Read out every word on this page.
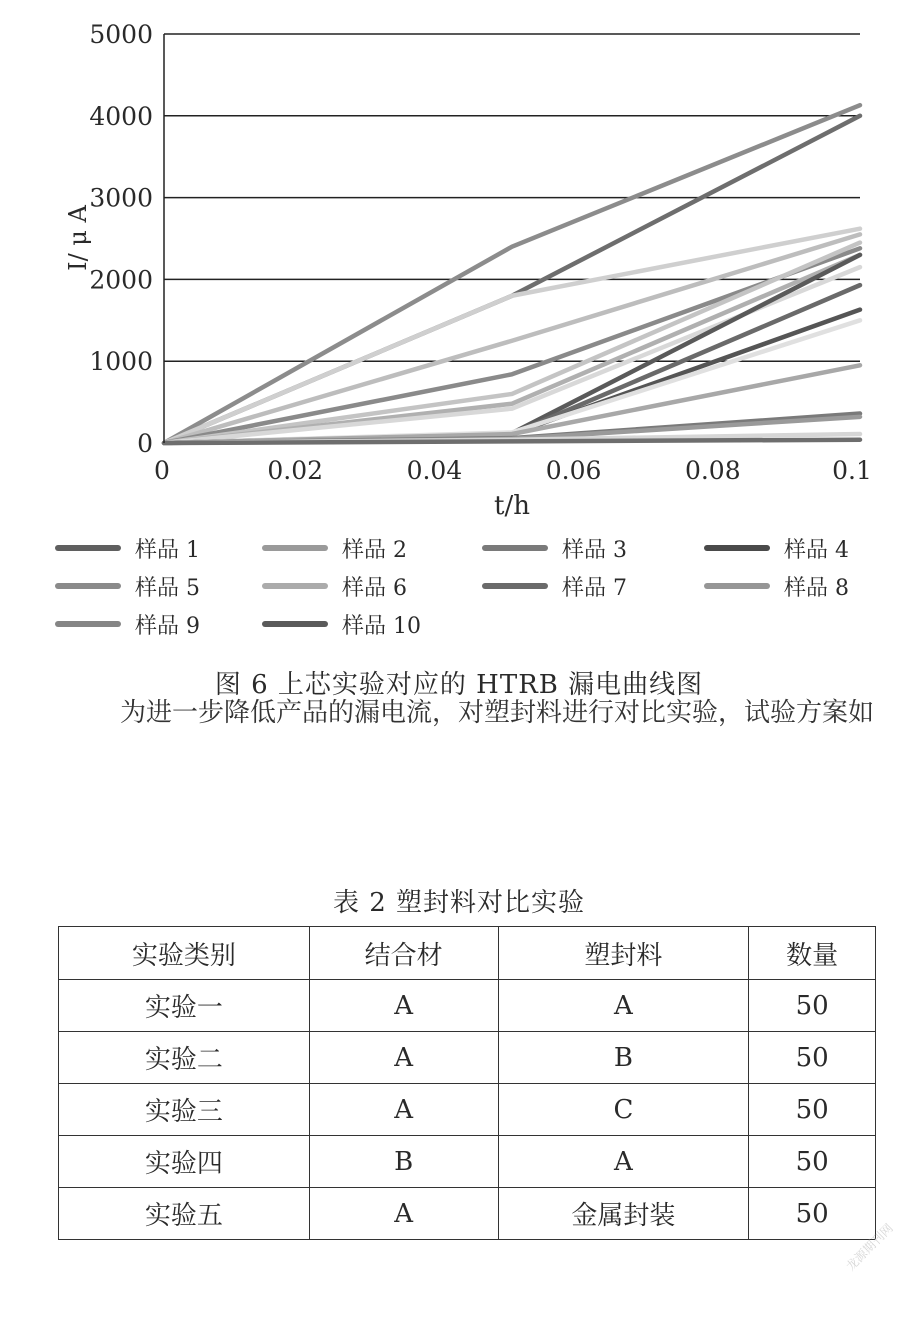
0
1000
2000
3000
4000
5000
0	0.02	0.04	0.06	0.08	0.1
I/ μ A
t/h
样品 1	样品 2	样品 3	样品 4
样品 5	样品 6	样品 7	样品 8
样品 9	样品 10
图 6 上芯实验对应的 HTRB 漏电曲线图
为进一步降低产品的漏电流，对塑封料进行对比实验，试验方案如
表 2 塑封料对比实验
实验类别	结合材	塑封料	数量
实验一	A	A	50
实验二	A	B	50
实验三	A	C	50
实验四	B	A	50
实验五	A	金属封装	50
龙源期刊网
